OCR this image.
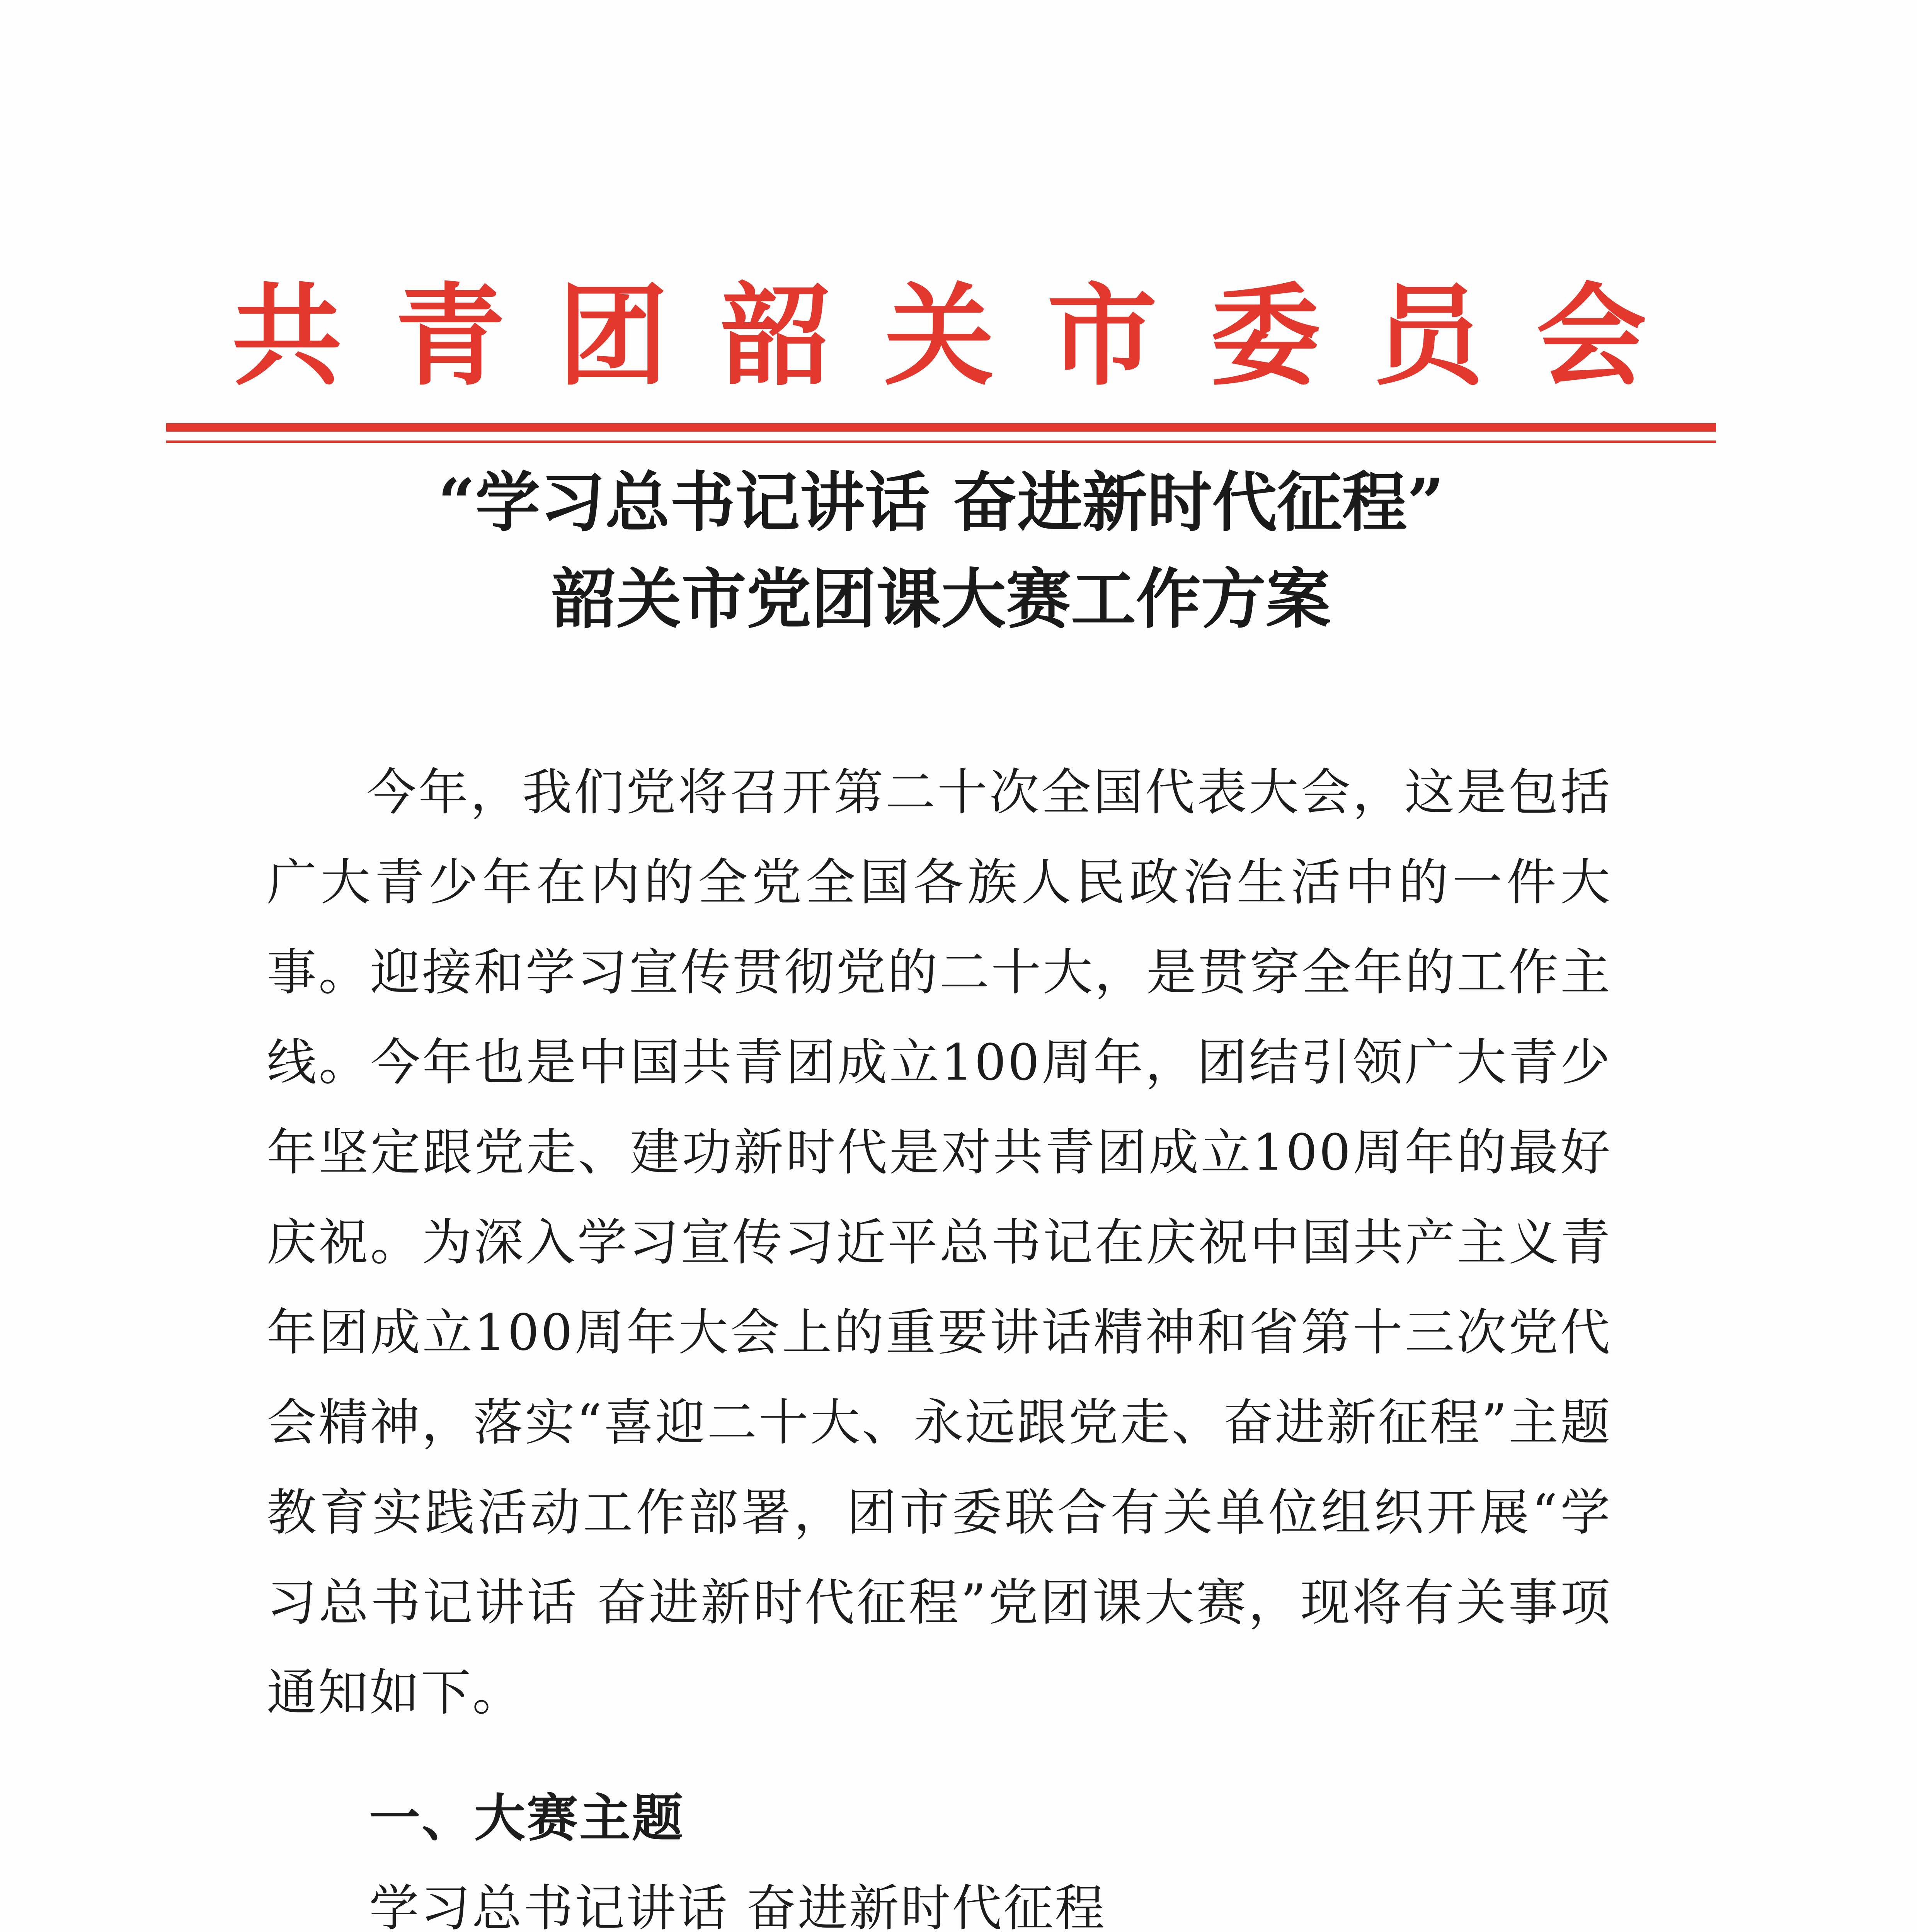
共 青 团 韶 关 市 委 员 会
“学习总书记讲话 奋进新时代征程”
韶关市党团课大赛工作方案
今年，我们党将召开第二十次全国代表大会，这是包括广大青少年在内的全党全国各族人民政治生活中的一件大事。迎接和学习宣传贯彻党的二十大，是贯穿全年的工作主线。今年也是中国共青团成立100周年，团结引领广大青少年坚定跟党走、建功新时代是对共青团成立100周年的最好庆祝。为深入学习宣传习近平总书记在庆祝中国共产主义青年团成立100周年大会上的重要讲话精神和省第十三次党代会精神，落实“喜迎二十大、永远跟党走、奋进新征程”主题教育实践活动工作部署，团市委联合有关单位组织开展“学习总书记讲话 奋进新时代征程”党团课大赛，现将有关事项通知如下。
一、大赛主题
学习总书记讲话 奋进新时代征程
